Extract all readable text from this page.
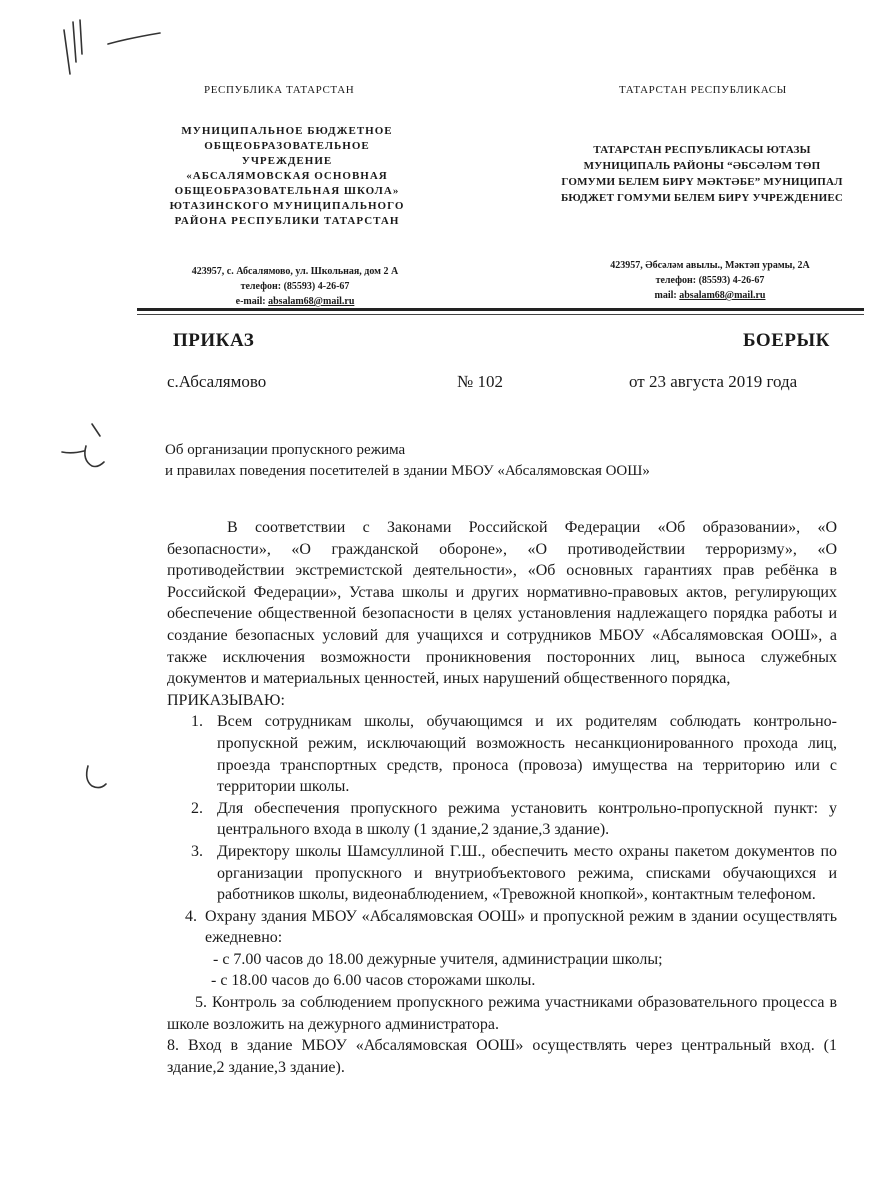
РЕСПУБЛИКА ТАТАРСТАН	ТАТАРСТАН РЕСПУБЛИКАСЫ
МУНИЦИПАЛЬНОЕ БЮДЖЕТНОЕ
ОБЩЕОБРАЗОВАТЕЛЬНОЕ
УЧРЕЖДЕНИЕ
«АБСАЛЯМОВСКАЯ ОСНОВНАЯ
ОБЩЕОБРАЗОВАТЕЛЬНАЯ ШКОЛА»
ЮТАЗИНСКОГО МУНИЦИПАЛЬНОГО
РАЙОНА РЕСПУБЛИКИ ТАТАРСТАН
ТАТАРСТАН РЕСПУБЛИКАСЫ ЮТАЗЫ
МУНИЦИПАЛЬ РАЙОНЫ “ӘБСӘЛӘМ ТӨП
ГОМУМИ БЕЛЕМ БИРҮ МӘКТӘБЕ” МУНИЦИПАЛ
БЮДЖЕТ ГОМУМИ БЕЛЕМ БИРҮ УЧРЕЖДЕНИЕС
423957, с. Абсалямово, ул. Школьная, дом 2 А
телефон: (85593) 4-26-67
e-mail: absalam68@mail.ru
423957, Әбсәләм авылы., Мәктәп урамы, 2А
телефон: (85593) 4-26-67
mail: absalam68@mail.ru
ПРИКАЗ	БОЕРЫК
с.Абсалямово	№ 102	от 23 августа 2019 года
Об организации пропускного режима
и правилах поведения посетителей в здании МБОУ «Абсалямовская ООШ»

В соответствии с Законами Российской Федерации «Об образовании», «О безопасности», «О гражданской обороне», «О противодействии терроризму», «О противодействии экстремистской деятельности», «Об основных гарантиях прав ребёнка в Российской Федерации», Устава школы и других нормативно-правовых актов, регулирующих обеспечение общественной безопасности в целях установления надлежащего порядка работы и создание безопасных условий для учащихся и сотрудников МБОУ «Абсалямовская ООШ», а также исключения возможности проникновения посторонних лиц, выноса служебных документов и материальных ценностей, иных нарушений общественного порядка,

ПРИКАЗЫВАЮ:

1. Всем сотрудникам школы, обучающимся и их родителям соблюдать контрольно-пропускной режим, исключающий возможность несанкционированного прохода лиц, проезда транспортных средств, проноса (провоза) имущества на территорию или с территории школы.

2. Для обеспечения пропускного режима установить контрольно-пропускной пункт: у центрального входа в школу (1 здание,2 здание,3 здание).

3. Директору школы Шамсуллиной Г.Ш., обеспечить место охраны пакетом документов по организации пропускного и внутриобъектового режима, списками обучающихся и работников школы, видеонаблюдением, «Тревожной кнопкой», контактным телефоном.

4. Охрану здания МБОУ «Абсалямовская ООШ» и пропускной режим в здании осуществлять ежедневно:

- с 7.00 часов до 18.00 дежурные учителя, администрации школы;

- с 18.00 часов до 6.00 часов сторожами школы.

5. Контроль за соблюдением пропускного режима участниками образовательного процесса в школе возложить на дежурного администратора.

8. Вход в здание МБОУ «Абсалямовская ООШ» осуществлять через центральный вход. (1 здание,2 здание,3 здание).
